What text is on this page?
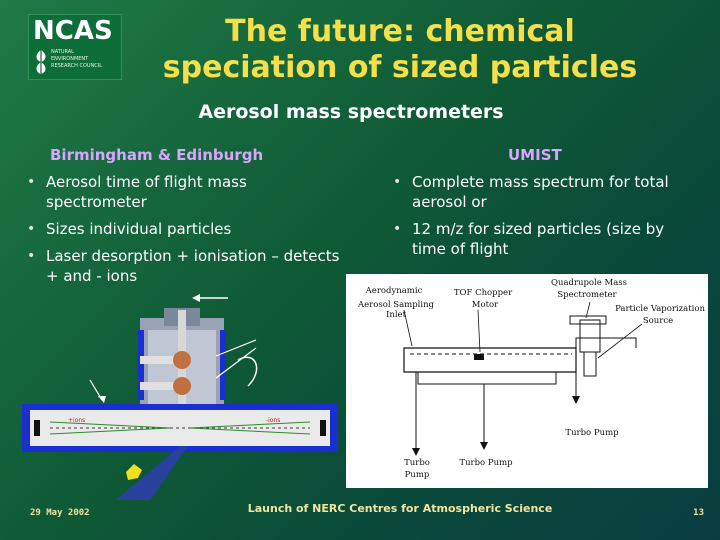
NCAS
NATURAL
ENVIRONMENT
RESEARCH COUNCIL
The future: chemical
speciation of sized particles
Aerosol mass spectrometers
Birmingham & Edinburgh	UMIST
• Aerosol time of flight mass spectrometer
• Sizes individual particles
• Laser desorption + ionisation – detects + and - ions
• Complete mass spectrum for total aerosol or
• 12 m/z for sized particles (size by time of flight
+ions	-ions
Aerodynamic
Aerosol Sampling Inlet
TOF Chopper
Motor
Quadrupole Mass
Spectrometer
Particle Vaporization
Source
Turbo Pump
Turbo
Pump
Turbo Pump
29 May 2002	Launch of NERC Centres for Atmospheric Science	13
